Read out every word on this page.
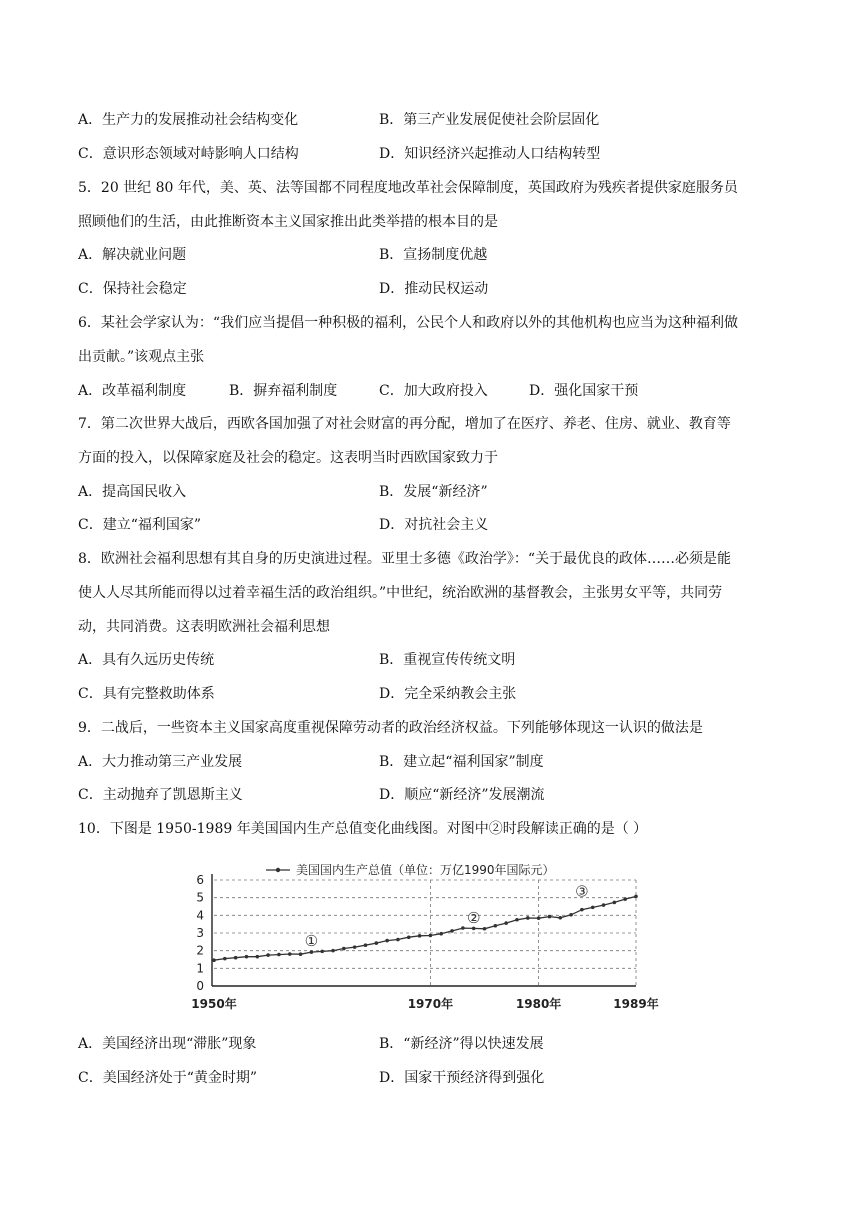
A．生产力的发展推动社会结构变化	B．第三产业发展促使社会阶层固化
C．意识形态领域对峙影响人口结构	D．知识经济兴起推动人口结构转型
5．20 世纪 80 年代，美、英、法等国都不同程度地改革社会保障制度，英国政府为残疾者提供家庭服务员
照顾他们的生活，由此推断资本主义国家推出此类举措的根本目的是
A．解决就业问题	B．宣扬制度优越
C．保持社会稳定	D．推动民权运动
6．某社会学家认为：“我们应当提倡一种积极的福利，公民个人和政府以外的其他机构也应当为这种福利做
出贡献。”该观点主张
A．改革福利制度	B．摒弃福利制度	C．加大政府投入	D．强化国家干预
7．第二次世界大战后，西欧各国加强了对社会财富的再分配，增加了在医疗、养老、住房、就业、教育等
方面的投入，以保障家庭及社会的稳定。这表明当时西欧国家致力于
A．提高国民收入	B．发展“新经济”
C．建立“福利国家”	D．对抗社会主义
8．欧洲社会福利思想有其自身的历史演进过程。亚里士多德《政治学》：“关于最优良的政体……必须是能
使人人尽其所能而得以过着幸福生活的政治组织。”中世纪，统治欧洲的基督教会，主张男女平等，共同劳
动，共同消费。这表明欧洲社会福利思想
A．具有久远历史传统	B．重视宣传传统文明
C．具有完整救助体系	D．完全采纳教会主张
9．二战后，一些资本主义国家高度重视保障劳动者的政治经济权益。下列能够体现这一认识的做法是
A．大力推动第三产业发展	B．建立起“福利国家”制度
C．主动抛弃了凯恩斯主义	D．顺应“新经济”发展潮流
10．下图是 1950-1989 年美国国内生产总值变化曲线图。对图中②时段解读正确的是（ ）
美国国内生产总值（单位：万亿1990年国际元）
0
1
2
3
4
5
6
1950年	1970年	1980年	1989年
①
②
③
A．美国经济出现“滞胀”现象	B．“新经济”得以快速发展
C．美国经济处于“黄金时期”	D．国家干预经济得到强化
